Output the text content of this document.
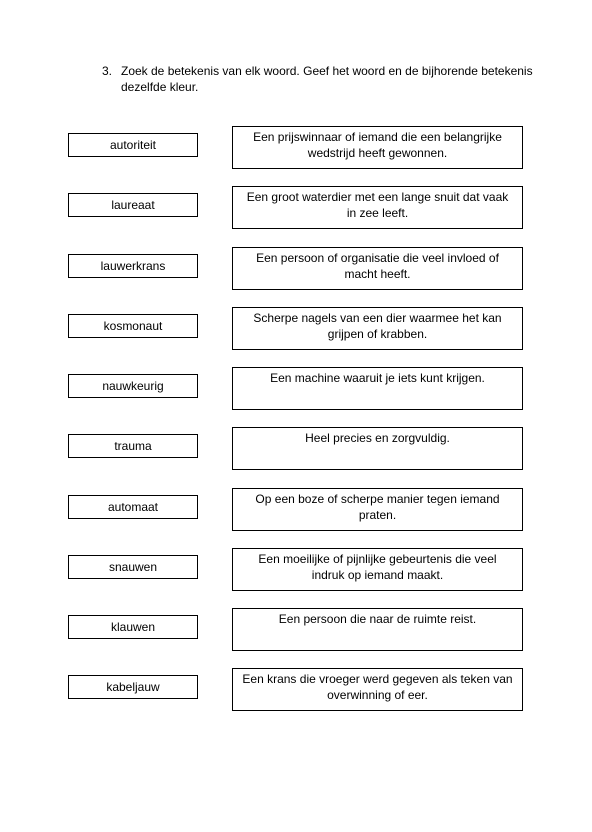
3. Zoek de betekenis van elk woord. Geef het woord en de bijhorende betekenis dezelfde kleur.
autoriteit
Een prijswinnaar of iemand die een belangrijke wedstrijd heeft gewonnen.
laureaat
Een groot waterdier met een lange snuit dat vaak in zee leeft.
lauwerkrans
Een persoon of organisatie die veel invloed of macht heeft.
kosmonaut
Scherpe nagels van een dier waarmee het kan grijpen of krabben.
nauwkeurig
Een machine waaruit je iets kunt krijgen.
trauma
Heel precies en zorgvuldig.
automaat
Op een boze of scherpe manier tegen iemand praten.
snauwen
Een moeilijke of pijnlijke gebeurtenis die veel indruk op iemand maakt.
klauwen
Een persoon die naar de ruimte reist.
kabeljauw
Een krans die vroeger werd gegeven als teken van overwinning of eer.
